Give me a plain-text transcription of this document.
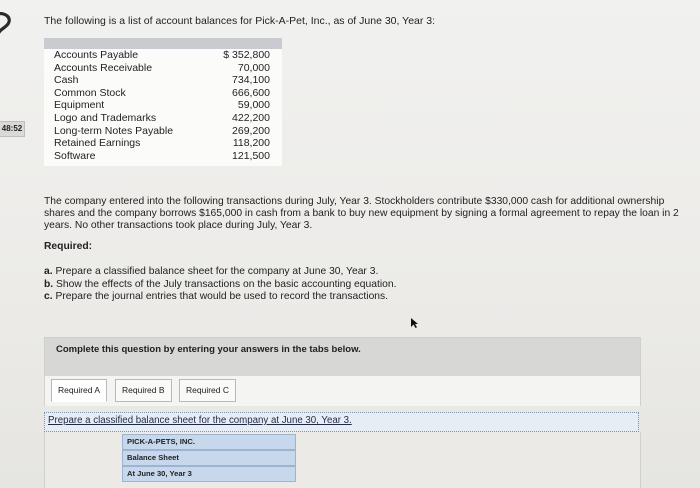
48:52
The following is a list of account balances for Pick-A-Pet, Inc., as of June 30, Year 3:
Accounts Payable	$ 352,800
Accounts Receivable	70,000
Cash	734,100
Common Stock	666,600
Equipment	59,000
Logo and Trademarks	422,200
Long-term Notes Payable	269,200
Retained Earnings	118,200
Software	121,500
The company entered into the following transactions during July, Year 3. Stockholders contribute $330,000 cash for additional ownership shares and the company borrows $165,000 in cash from a bank to buy new equipment by signing a formal agreement to repay the loan in 2 years. No other transactions took place during July, Year 3.
Required:
a. Prepare a classified balance sheet for the company at June 30, Year 3.
b. Show the effects of the July transactions on the basic accounting equation.
c. Prepare the journal entries that would be used to record the transactions.
Complete this question by entering your answers in the tabs below.
Required A	Required B	Required C
Prepare a classified balance sheet for the company at June 30, Year 3.
PICK-A-PETS, INC.
Balance Sheet
At June 30, Year 3
